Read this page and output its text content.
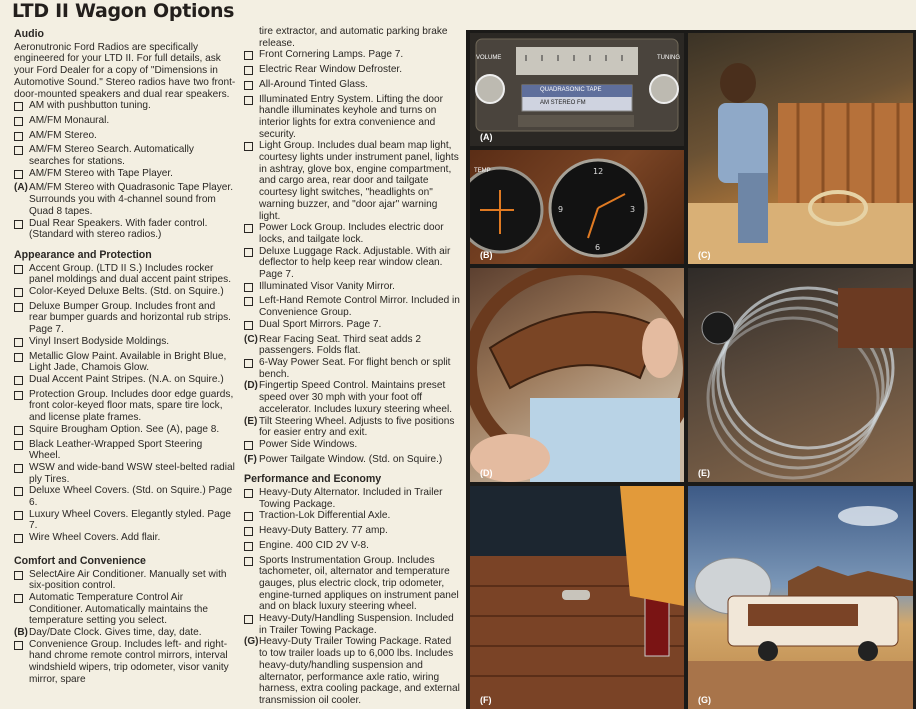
LTD II Wagon Options
Audio
Aeronutronic Ford Radios are specifically engineered for your LTD II. For full details, ask your Ford Dealer for a copy of "Dimensions in Automotive Sound." Stereo radios have two front-door-mounted speakers and dual rear speakers.
AM with pushbutton tuning.
AM/FM Monaural.
AM/FM Stereo.
AM/FM Stereo Search. Automatically searches for stations.
AM/FM Stereo with Tape Player.
(A) AM/FM Stereo with Quadrasonic Tape Player. Surrounds you with 4-channel sound from Quad 8 tapes.
Dual Rear Speakers. With fader control. (Standard with stereo radios.)
Appearance and Protection
Accent Group. (LTD II S.) Includes rocker panel moldings and dual accent paint stripes.
Color-Keyed Deluxe Belts. (Std. on Squire.)
Deluxe Bumper Group. Includes front and rear bumper guards and horizontal rub strips. Page 7.
Vinyl Insert Bodyside Moldings.
Metallic Glow Paint. Available in Bright Blue, Light Jade, Chamois Glow.
Dual Accent Paint Stripes. (N.A. on Squire.)
Protection Group. Includes door edge guards, front color-keyed floor mats, spare tire lock, and license plate frames.
Squire Brougham Option. See (A), page 8.
Black Leather-Wrapped Sport Steering Wheel.
WSW and wide-band WSW steel-belted radial ply Tires.
Deluxe Wheel Covers. (Std. on Squire.) Page 6.
Luxury Wheel Covers. Elegantly styled. Page 7.
Wire Wheel Covers. Add flair.
Comfort and Convenience
SelectAire Air Conditioner. Manually set with six-position control.
Automatic Temperature Control Air Conditioner. Automatically maintains the temperature setting you select.
(B) Day/Date Clock. Gives time, day, date.
Convenience Group. Includes left- and right-hand chrome remote control mirrors, interval windshield wipers, trip odometer, visor vanity mirror, spare
tire extractor, and automatic parking brake release.
Front Cornering Lamps. Page 7.
Electric Rear Window Defroster.
All-Around Tinted Glass.
Illuminated Entry System. Lifting the door handle illuminates keyhole and turns on interior lights for extra convenience and security.
Light Group. Includes dual beam map light, courtesy lights under instrument panel, lights in ashtray, glove box, engine compartment, and cargo area, rear door and tailgate courtesy light switches, "headlights on" warning buzzer, and "door ajar" warning light.
Power Lock Group. Includes electric door locks, and tailgate lock.
Deluxe Luggage Rack. Adjustable. With air deflector to help keep rear window clean. Page 7.
Illuminated Visor Vanity Mirror.
Left-Hand Remote Control Mirror. Included in Convenience Group.
Dual Sport Mirrors. Page 7.
(C) Rear Facing Seat. Third seat adds 2 passengers. Folds flat.
6-Way Power Seat. For flight bench or split bench.
(D) Fingertip Speed Control. Maintains preset speed over 30 mph with your foot off accelerator. Includes luxury steering wheel.
(E) Tilt Steering Wheel. Adjusts to five positions for easier entry and exit.
Power Side Windows.
(F) Power Tailgate Window. (Std. on Squire.)
Performance and Economy
Heavy-Duty Alternator. Included in Trailer Towing Package.
Traction-Lok Differential Axle.
Heavy-Duty Battery. 77 amp.
Engine. 400 CID 2V V-8.
Sports Instrumentation Group. Includes tachometer, oil, alternator and temperature gauges, plus electric clock, trip odometer, engine-turned appliques on instrument panel and on black luxury steering wheel.
Heavy-Duty/Handling Suspension. Included in Trailer Towing Package.
(G) Heavy-Duty Trailer Towing Package. Rated to tow trailer loads up to 6,000 lbs. Includes heavy-duty/handling suspension and alternator, performance axle ratio, wiring harness, extra cooling package, and external transmission oil cooler.
VOLUME	TUNING
QUADRASONIC TAPE
AM STEREO FM
(A)
12
3
6
9
TEMP
(B)	(C)
(D)	(E)
(F)	(G)
